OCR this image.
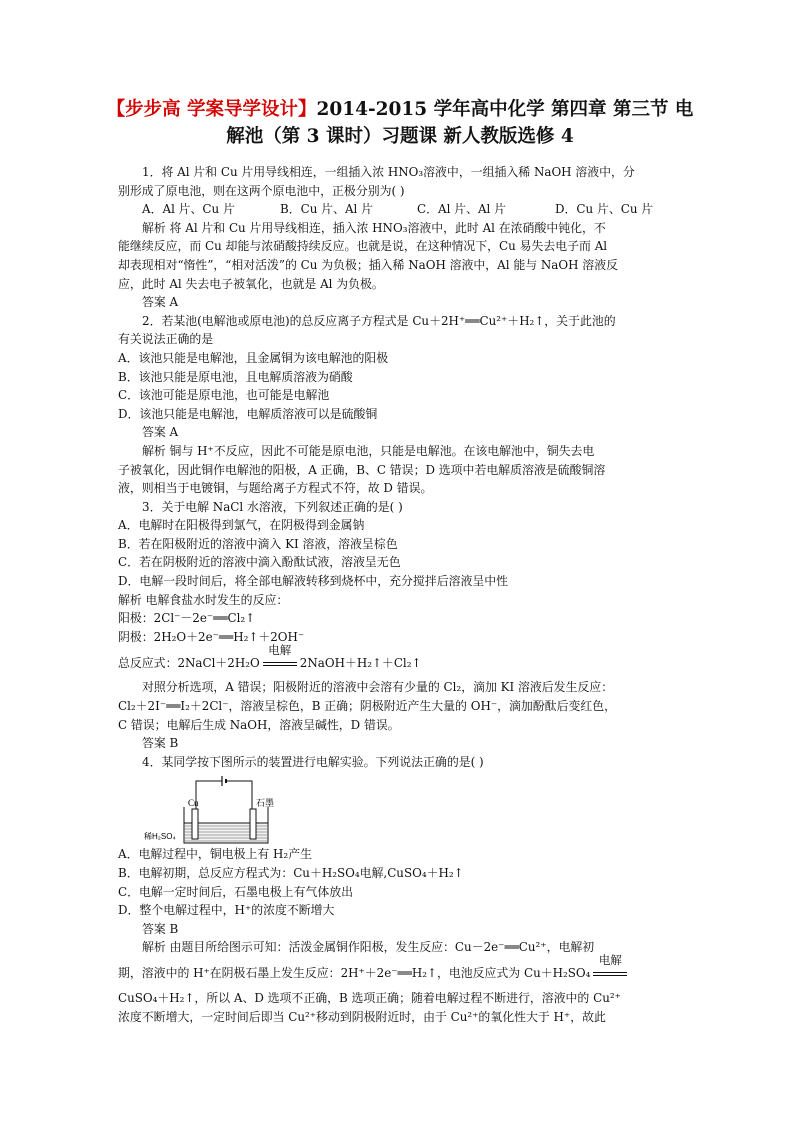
【步步高 学案导学设计】2014-2015 学年高中化学 第四章 第三节 电
解池（第 3 课时）习题课 新人教版选修 4
1．将 Al 片和 Cu 片用导线相连，一组插入浓 HNO₃溶液中，一组插入稀 NaOH 溶液中，分
别形成了原电池，则在这两个原电池中，正极分别为( )
A．Al 片、Cu 片	B．Cu 片、Al 片	C．Al 片、Al 片	D．Cu 片、Cu 片
解析 将 Al 片和 Cu 片用导线相连，插入浓 HNO₃溶液中，此时 Al 在浓硝酸中钝化，不
能继续反应，而 Cu 却能与浓硝酸持续反应。也就是说，在这种情况下，Cu 易失去电子而 Al
却表现相对“惰性”，“相对活泼”的 Cu 为负极；插入稀 NaOH 溶液中，Al 能与 NaOH 溶液反
应，此时 Al 失去电子被氧化，也就是 Al 为负极。
答案 A
2．若某池(电解池或原电池)的总反应离子方程式是 Cu＋2H⁺══Cu²⁺＋H₂↑，关于此池的
有关说法正确的是
A．该池只能是电解池，且金属铜为该电解池的阳极
B．该池只能是原电池，且电解质溶液为硝酸
C．该池可能是原电池，也可能是电解池
D．该池只能是电解池，电解质溶液可以是硫酸铜
答案 A
解析 铜与 H⁺不反应，因此不可能是原电池，只能是电解池。在该电解池中，铜失去电
子被氧化，因此铜作电解池的阳极，A 正确，B、C 错误；D 选项中若电解质溶液是硫酸铜溶
液，则相当于电镀铜，与题给离子方程式不符，故 D 错误。
3．关于电解 NaCl 水溶液，下列叙述正确的是( )
A．电解时在阳极得到氯气，在阴极得到金属钠
B．若在阳极附近的溶液中滴入 KI 溶液，溶液呈棕色
C．若在阴极附近的溶液中滴入酚酞试液，溶液呈无色
D．电解一段时间后，将全部电解液转移到烧杯中，充分搅拌后溶液呈中性
解析 电解食盐水时发生的反应：
阳极：2Cl⁻－2e⁻══Cl₂↑
阴极：2H₂O＋2e⁻══H₂↑＋2OH⁻
总反应式：2NaCl＋2H₂O
电解
2NaOH＋H₂↑＋Cl₂↑
对照分析选项，A 错误；阳极附近的溶液中会溶有少量的 Cl₂，滴加 KI 溶液后发生反应：
Cl₂＋2I⁻══I₂＋2Cl⁻，溶液呈棕色，B 正确；阴极附近产生大量的 OH⁻，滴加酚酞后变红色，
C 错误；电解后生成 NaOH，溶液呈碱性，D 错误。
答案 B
4．某同学按下图所示的装置进行电解实验。下列说法正确的是( )
Cu	石墨
稀H₂SO₄
A．电解过程中，铜电极上有 H₂产生
B．电解初期，总反应方程式为：Cu＋H₂SO₄电解,CuSO₄＋H₂↑
C．电解一定时间后，石墨电极上有气体放出
D．整个电解过程中，H⁺的浓度不断增大
答案 B
解析 由题目所给图示可知：活泼金属铜作阳极，发生反应：Cu－2e⁻══Cu²⁺，电解初
期，溶液中的 H⁺在阴极石墨上发生反应：2H⁺＋2e⁻══H₂↑，电池反应式为 Cu＋H₂SO₄
电解
CuSO₄＋H₂↑，所以 A、D 选项不正确，B 选项正确；随着电解过程不断进行，溶液中的 Cu²⁺
浓度不断增大，一定时间后即当 Cu²⁺移动到阴极附近时，由于 Cu²⁺的氧化性大于 H⁺，故此
